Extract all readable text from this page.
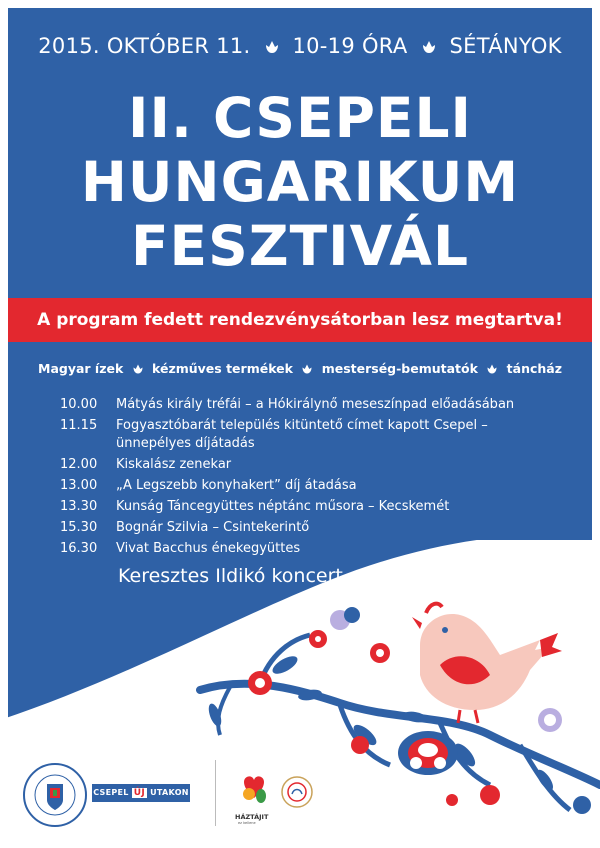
2015. OKTÓBER 11. 10-19 ÓRA SÉTÁNYOK
II. CSEPELI
HUNGARIKUM
FESZTIVÁL
A program fedett rendezvénysátorban lesz megtartva!
Magyar ízek kézműves termékek mesterség-bemutatók táncház
10.00	Mátyás király tréfái – a Hókirálynő meseszínpad előadásában
11.15	Fogyasztóbarát település kitüntető címet kapott Csepel – ünnepélyes díjátadás
12.00	Kiskalász zenekar
13.00	„A Legszebb konyhakert” díj átadása
13.30	Kunság Táncegyüttes néptánc műsora – Kecskemét
15.30	Bognár Szilvia – Csintekerintő
16.30	Vivat Bacchus énekegyüttes
Keresztes Ildikó koncert
CSEPEL ÚJ UTAKON
HÁZTÁJIT
ez kellene
